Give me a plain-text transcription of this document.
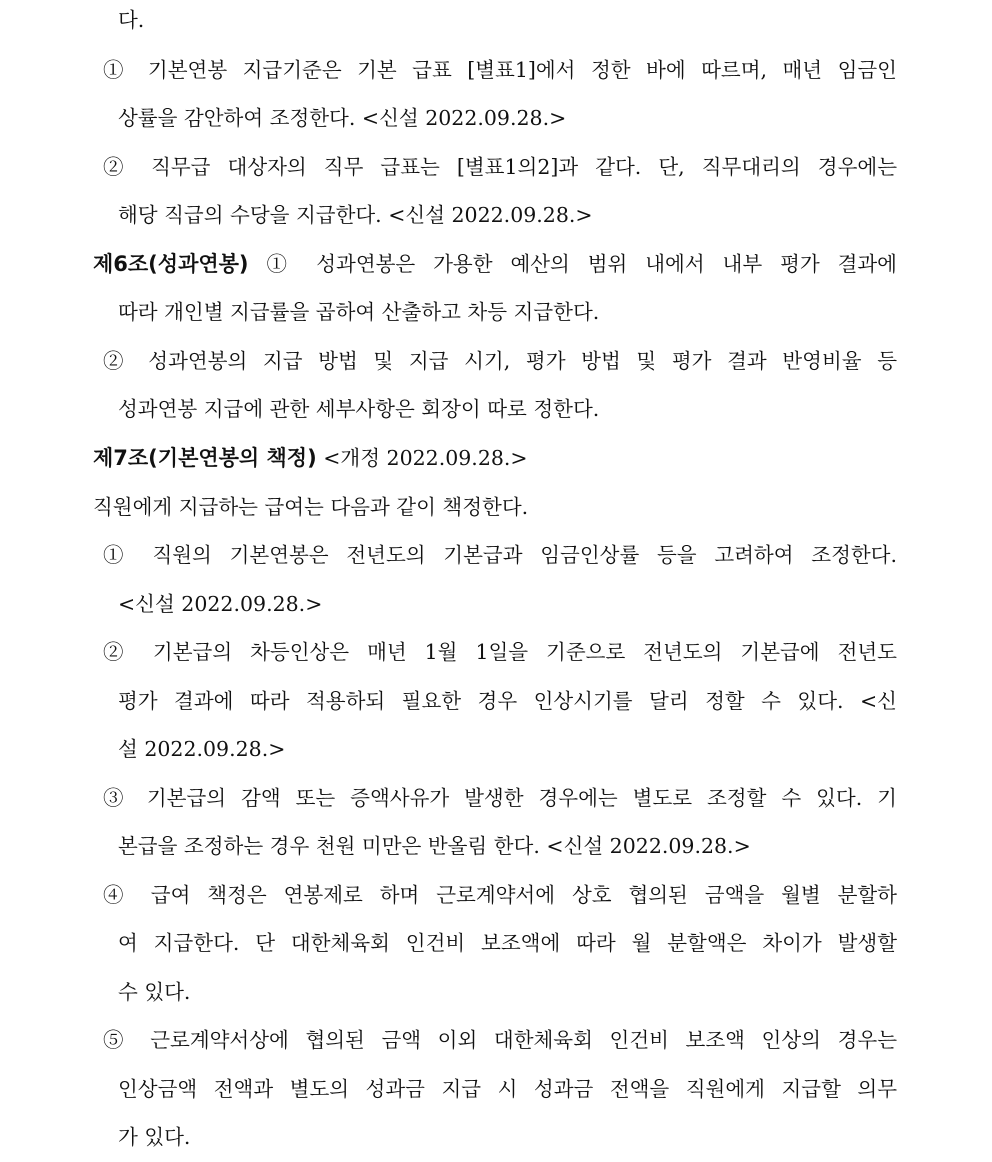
다.
① 기본연봉 지급기준은 기본 급표 [별표1]에서 정한 바에 따르며, 매년 임금인
상률을 감안하여 조정한다. <신설 2022.09.28.>
② 직무급 대상자의 직무 급표는 [별표1의2]과 같다. 단, 직무대리의 경우에는
해당 직급의 수당을 지급한다. <신설 2022.09.28.>
제6조(성과연봉) ① 성과연봉은 가용한 예산의 범위 내에서 내부 평가 결과에
따라 개인별 지급률을 곱하여 산출하고 차등 지급한다.
② 성과연봉의 지급 방법 및 지급 시기, 평가 방법 및 평가 결과 반영비율 등
성과연봉 지급에 관한 세부사항은 회장이 따로 정한다.
제7조(기본연봉의 책정) <개정 2022.09.28.>
직원에게 지급하는 급여는 다음과 같이 책정한다.
① 직원의 기본연봉은 전년도의 기본급과 임금인상률 등을 고려하여 조정한다.
<신설 2022.09.28.>
② 기본급의 차등인상은 매년 1월 1일을 기준으로 전년도의 기본급에 전년도
평가 결과에 따라 적용하되 필요한 경우 인상시기를 달리 정할 수 있다. <신
설 2022.09.28.>
③ 기본급의 감액 또는 증액사유가 발생한 경우에는 별도로 조정할 수 있다. 기
본급을 조정하는 경우 천원 미만은 반올림 한다. <신설 2022.09.28.>
④ 급여 책정은 연봉제로 하며 근로계약서에 상호 협의된 금액을 월별 분할하
여 지급한다. 단 대한체육회 인건비 보조액에 따라 월 분할액은 차이가 발생할
수 있다.
⑤ 근로계약서상에 협의된 금액 이외 대한체육회 인건비 보조액 인상의 경우는
인상금액 전액과 별도의 성과금 지급 시 성과금 전액을 직원에게 지급할 의무
가 있다.
